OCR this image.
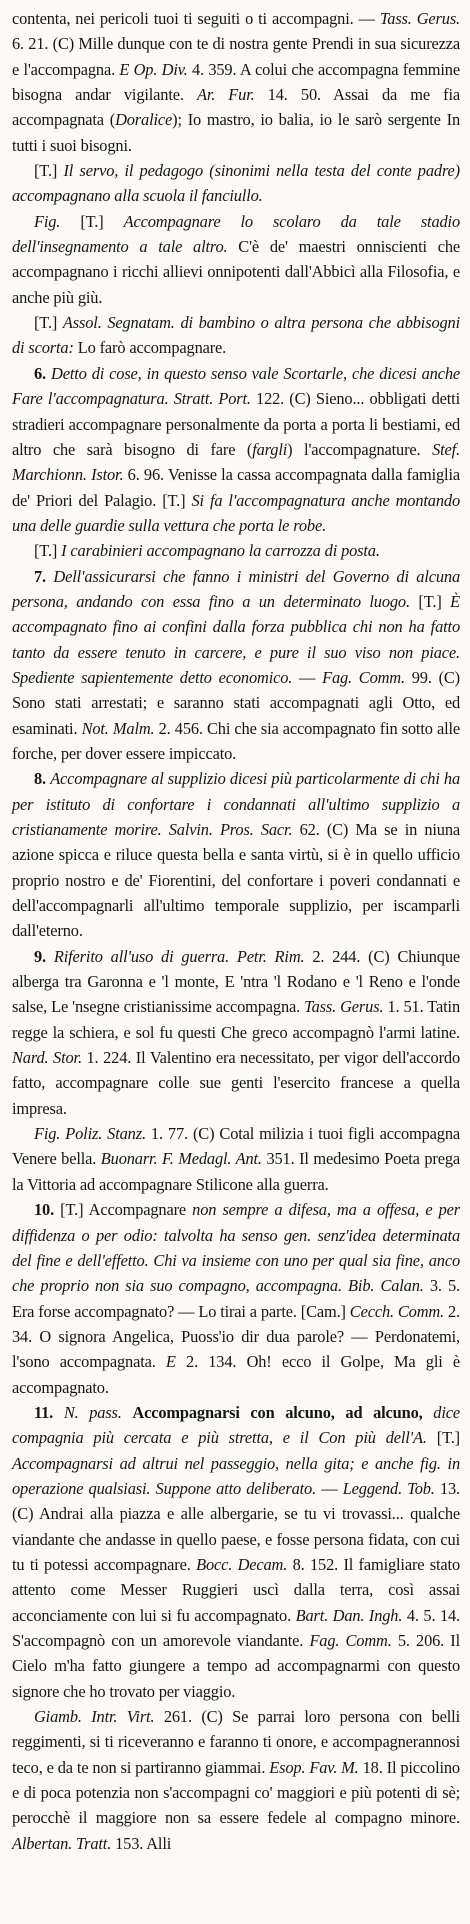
contenta, nei pericoli tuoi ti seguiti o ti accompagni. — Tass. Gerus. 6. 21. (C) Mille dunque con te di nostra gente Prendi in sua sicurezza e l'accompagna. E Op. Div. 4. 359. A colui che accompagna femmine bisogna andar vigilante. Ar. Fur. 14. 50. Assai da me fia accompagnata (Doralice); Io mastro, io balia, io le sarò sergente In tutti i suoi bisogni.

[T.] Il servo, il pedagogo (sinonimi nella testa del conte padre) accompagnano alla scuola il fanciullo.

Fig. [T.] Accompagnare lo scolaro da tale stadio dell'insegnamento a tale altro. C'è de' maestri onniscienti che accompagnano i ricchi allievi onnipotenti dall'Abbicì alla Filosofia, e anche più giù.

[T.] Assol. Segnatam. di bambino o altra persona che abbisogni di scorta: Lo farò accompagnare.

6. Detto di cose, in questo senso vale Scortarle, che dicesi anche Fare l'accompagnatura. Stratt. Port. 122. (C) Sieno... obbligati detti stradieri accompagnare personalmente da porta a porta li bestiami, ed altro che sarà bisogno di fare (fargli) l'accompagnature. Stef. Marchionn. Istor. 6. 96. Venisse la cassa accompagnata dalla famiglia de' Priori del Palagio. [T.] Si fa l'accompagnatura anche montando una delle guardie sulla vettura che porta le robe.

[T.] I carabinieri accompagnano la carrozza di posta.

7. Dell'assicurarsi che fanno i ministri del Governo di alcuna persona, andando con essa fino a un determinato luogo. [T.] È accompagnato fino ai confini dalla forza pubblica chi non ha fatto tanto da essere tenuto in carcere, e pure il suo viso non piace. Spediente sapientemente detto economico. — Fag. Comm. 99. (C) Sono stati arrestati; e saranno stati accompagnati agli Otto, ed esaminati. Not. Malm. 2. 456. Chi che sia accompagnato fin sotto alle forche, per dover essere impiccato.

8. Accompagnare al supplizio dicesi più particolarmente di chi ha per istituto di confortare i condannati all'ultimo supplizio a cristianamente morire. Salvin. Pros. Sacr. 62. (C) Ma se in niuna azione spicca e riluce questa bella e santa virtù, si è in quello ufficio proprio nostro e de' Fiorentini, del confortare i poveri condannati e dell'accompagnarli all'ultimo temporale supplizio, per iscamparli dall'eterno.

9. Riferito all'uso di guerra. Petr. Rim. 2. 244. (C) Chiunque alberga tra Garonna e 'l monte, E 'ntra 'l Rodano e 'l Reno e l'onde salse, Le 'nsegne cristianissime accompagna. Tass. Gerus. 1. 51. Tatin regge la schiera, e sol fu questi Che greco accompagnò l'armi latine. Nard. Stor. 1. 224. Il Valentino era necessitato, per vigor dell'accordo fatto, accompagnare colle sue genti l'esercito francese a quella impresa.

Fig. Poliz. Stanz. 1. 77. (C) Cotal milizia i tuoi figli accompagna Venere bella. Buonarr. F. Medagl. Ant. 351. Il medesimo Poeta prega la Vittoria ad accompagnare Stilicone alla guerra.

10. [T.] Accompagnare non sempre a difesa, ma a offesa, e per diffidenza o per odio: talvolta ha senso gen. senz'idea determinata del fine e dell'effetto. Chi va insieme con uno per qual sia fine, anco che proprio non sia suo compagno, accompagna. Bib. Calan. 3. 5. Era forse accompagnato? — Lo tirai a parte. [Cam.] Cecch. Comm. 2. 34. O signora Angelica, Puoss'io dir dua parole? — Perdonatemi, l'sono accompagnata. E 2. 134. Oh! ecco il Golpe, Ma gli è accompagnato.

11. N. pass. Accompagnarsi con alcuno, ad alcuno, dice compagnia più cercata e più stretta, e il Con più dell'A. [T.] Accompagnarsi ad altrui nel passeggio, nella gita; e anche fig. in operazione qualsiasi. Suppone atto deliberato. — Leggend. Tob. 13. (C) Andrai alla piazza e alle albergarie, se tu vi trovassi... qualche viandante che andasse in quello paese, e fosse persona fidata, con cui tu ti potessi accompagnare. Bocc. Decam. 8. 152. Il famigliare stato attento come Messer Ruggieri uscì dalla terra, così assai acconciamente con lui si fu accompagnato. Bart. Dan. Ingh. 4. 5. 14. S'accompagnò con un amorevole viandante. Fag. Comm. 5. 206. Il Cielo m'ha fatto giungere a tempo ad accompagnarmi con questo signore che ho trovato per viaggio.

Giamb. Intr. Virt. 261. (C) Se parrai loro persona con belli reggimenti, si ti riceveranno e faranno ti onore, e accompagnerannosi teco, e da te non si partiranno giammai. Esop. Fav. M. 18. Il piccolino e di poca potenzia non s'accompagni co' maggiori e più potenti di sè; perocchè il maggiore non sa essere fedele al compagno minore. Albertan. Tratt. 153. Alli
